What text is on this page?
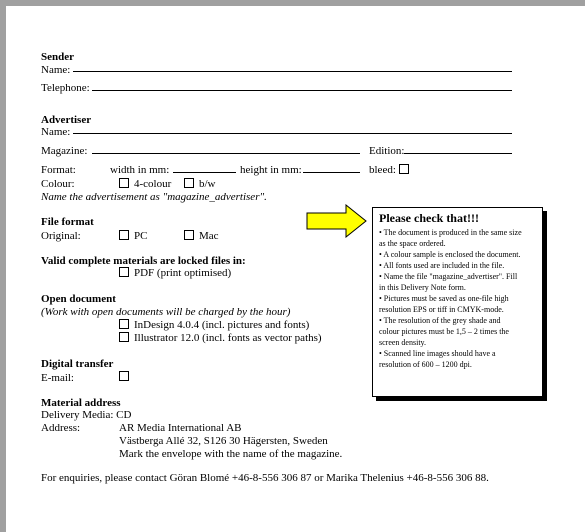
Sender
Name:
Telephone:
Advertiser
Name:
Magazine:	Edition:
Format:	width in mm:	height in mm:	bleed:
Colour:	4-colour	b/w
Name the advertisement as "magazine_advertiser".
File format
Original:	PC	Mac
Valid complete materials are locked files in:
PDF (print optimised)
Open document
(Work with open documents will be charged by the hour)
InDesign 4.0.4 (incl. pictures and fonts)
Illustrator 12.0 (incl. fonts as vector paths)
Digital transfer
E-mail:
Material address
Delivery Media: CD
Address:	AR Media International AB
Västberga Allé 32, S126 30 Hägersten, Sweden
Mark the envelope with the name of the magazine.
For enquiries, please contact Göran Blomé +46-8-556 306 87 or Marika Thelenius +46-8-556 306 88.
Please check that!!!
• The document is produced in the same size
as the space ordered.
• A colour sample is enclosed the document.
• All fonts used are included in the file.
• Name the file "magazine_advertiser". Fill
in this Delivery Note form.
• Pictures must be saved as one-file high
resolution EPS or tiff in CMYK-mode.
• The resolution of the grey shade and
colour pictures must be 1,5 – 2 times the
screen density.
• Scanned line images should have a
resolution of 600 – 1200 dpi.
